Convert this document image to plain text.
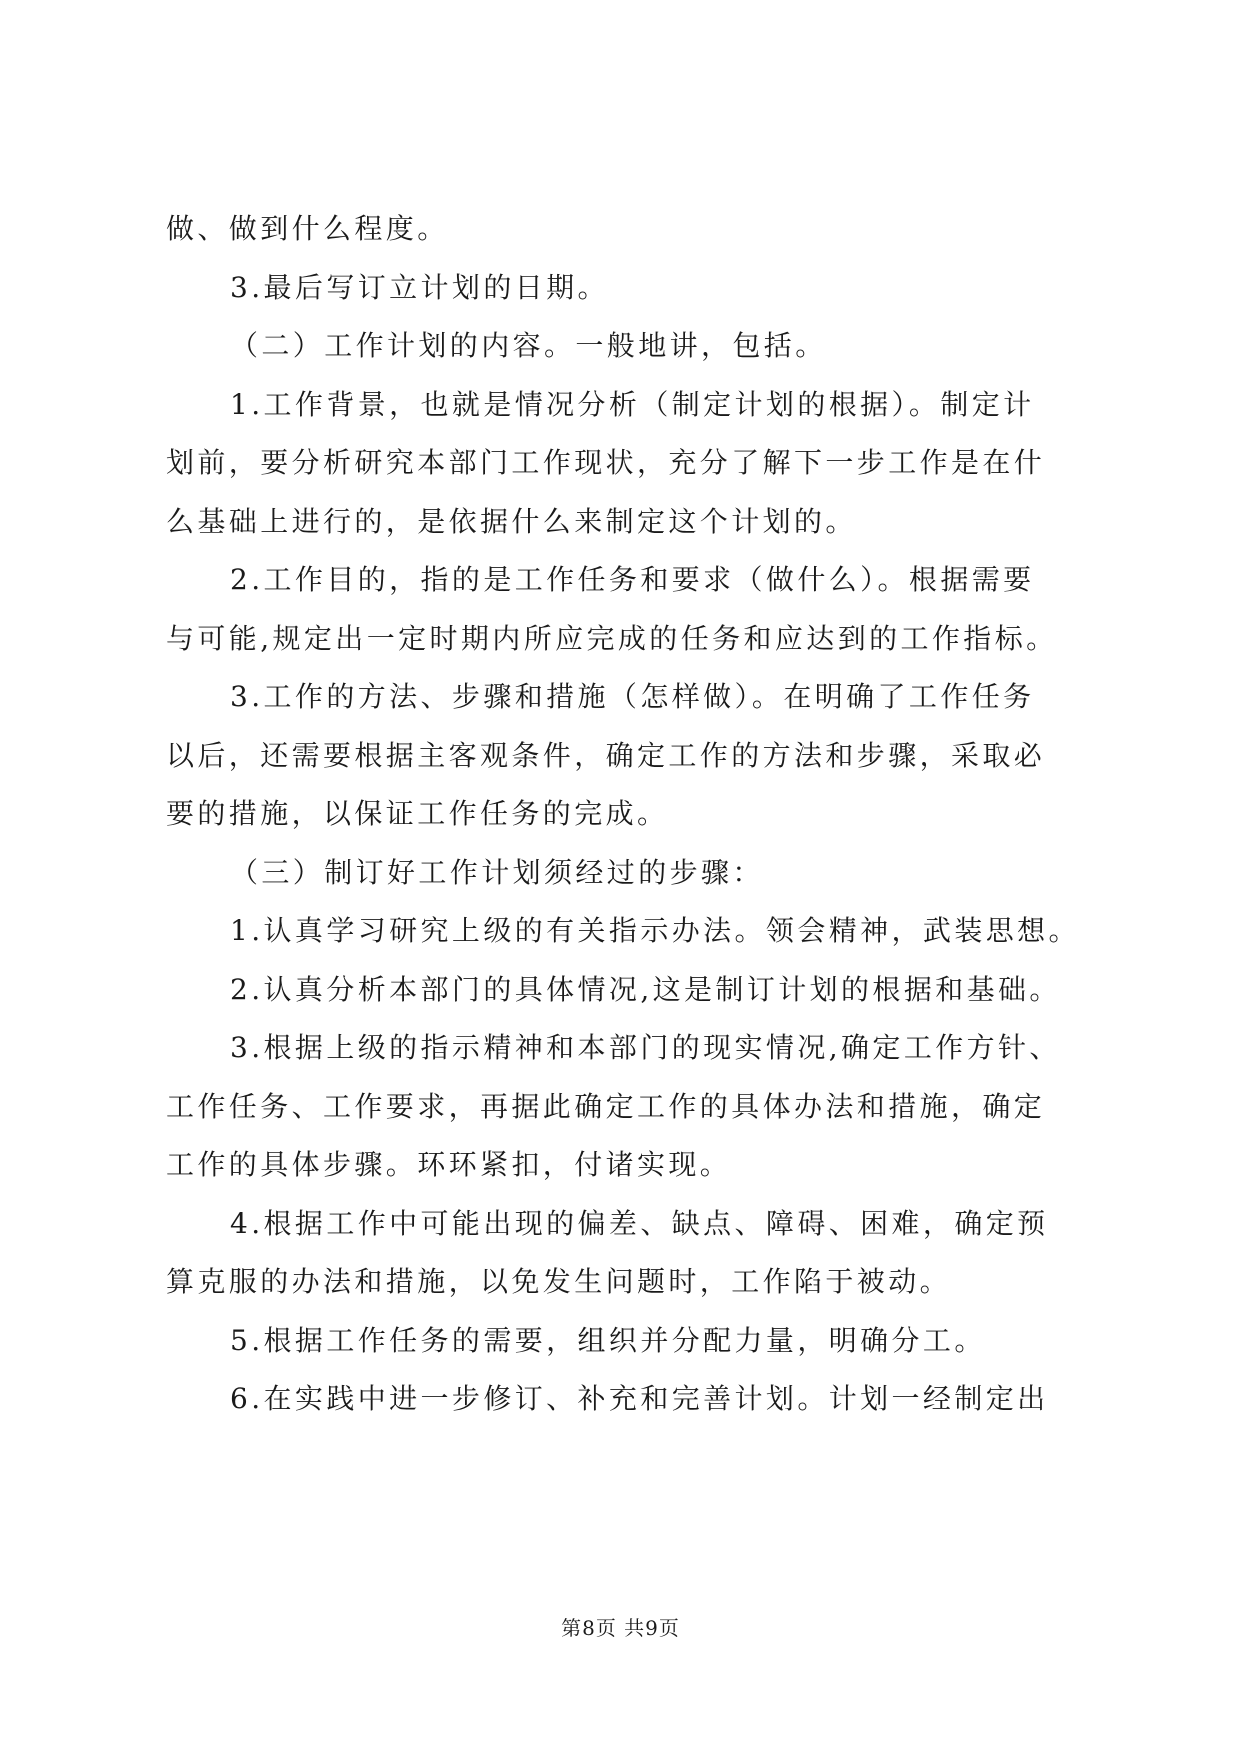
做、做到什么程度。
3.最后写订立计划的日期。
（二）工作计划的内容。一般地讲，包括。
1.工作背景，也就是情况分析（制定计划的根据）。制定计
划前，要分析研究本部门工作现状，充分了解下一步工作是在什
么基础上进行的，是依据什么来制定这个计划的。
2.工作目的，指的是工作任务和要求（做什么）。根据需要
与可能,规定出一定时期内所应完成的任务和应达到的工作指标。
3.工作的方法、步骤和措施（怎样做）。在明确了工作任务
以后，还需要根据主客观条件，确定工作的方法和步骤，采取必
要的措施，以保证工作任务的完成。
（三）制订好工作计划须经过的步骤：
1.认真学习研究上级的有关指示办法。领会精神，武装思想。
2.认真分析本部门的具体情况,这是制订计划的根据和基础。
3.根据上级的指示精神和本部门的现实情况,确定工作方针、
工作任务、工作要求，再据此确定工作的具体办法和措施，确定
工作的具体步骤。环环紧扣，付诸实现。
4.根据工作中可能出现的偏差、缺点、障碍、困难，确定预
算克服的办法和措施，以免发生问题时，工作陷于被动。
5.根据工作任务的需要，组织并分配力量，明确分工。
6.在实践中进一步修订、补充和完善计划。计划一经制定出
第8页 共9页
